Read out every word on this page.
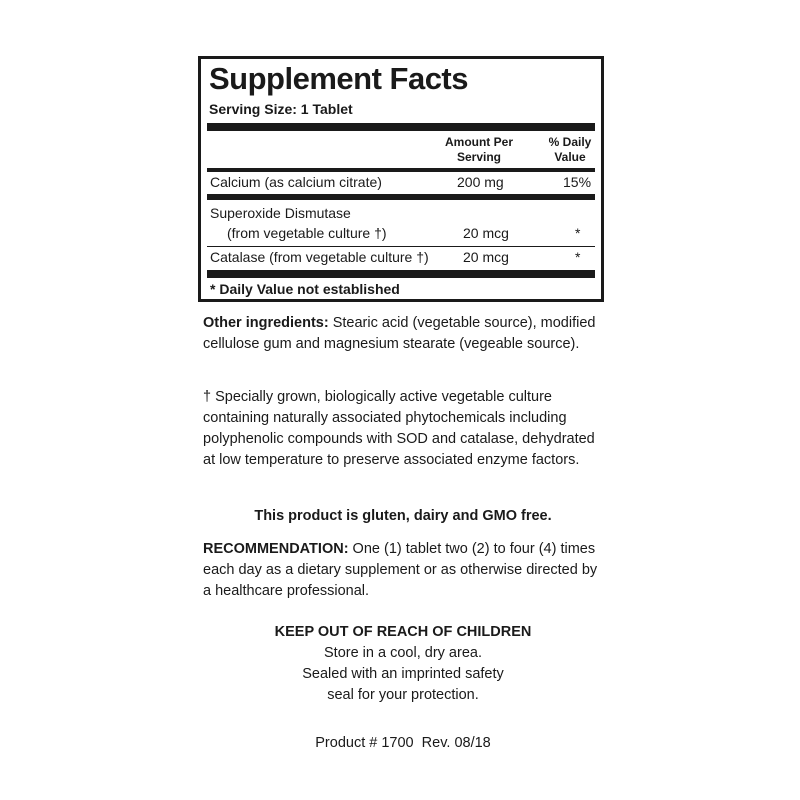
Supplement Facts
Serving Size: 1 Tablet
Amount Per Serving
% Daily Value
Calcium (as calcium citrate)	200 mg	15%
Superoxide Dismutase
(from vegetable culture †)	20 mcg	*
Catalase (from vegetable culture †) 20 mcg	*
* Daily Value not established

Other ingredients: Stearic acid (vegetable source), modified cellulose gum and magnesium stearate (vegeable source).

† Specially grown, biologically active vegetable culture containing naturally associated phytochemicals including polyphenolic compounds with SOD and catalase, dehydrated at low temperature to preserve associated enzyme factors.

This product is gluten, dairy and GMO free.

RECOMMENDATION: One (1) tablet two (2) to four (4) times each day as a dietary supplement or as otherwise directed by a healthcare professional.

KEEP OUT OF REACH OF CHILDREN
Store in a cool, dry area.
Sealed with an imprinted safety
seal for your protection.
Product # 1700  Rev. 08/18
